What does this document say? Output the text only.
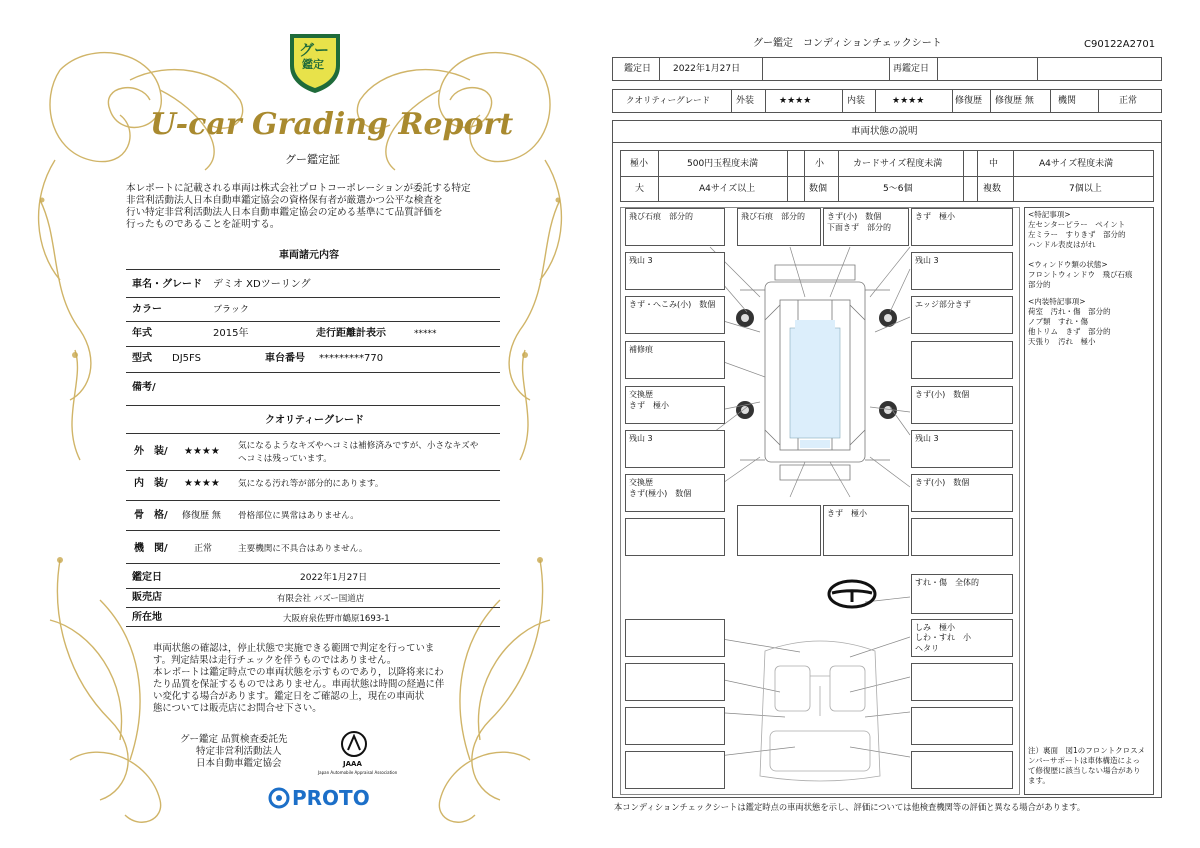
グー
鑑定
U-car Grading Report
グー鑑定証
本レポートに記載される車両は株式会社プロトコーポレーションが委託する特定
非営利活動法人日本自動車鑑定協会の資格保有者が厳選かつ公平な検査を
行い特定非営利活動法人日本自動車鑑定協会の定める基準にて品質評価を
行ったものであることを証明する。
車両諸元内容
車名・グレード デミオ XDツーリング
カラー	ブラック
年式	2015年	走行距離計表示	*****
型式 DJ5FS	車台番号 *********770
備考/
クオリティーグレード
外　装/ ★★★★ 気になるようなキズやヘコミは補修済みですが、小さなキズや
ヘコミは残っています。
内　装/ ★★★★ 気になる汚れ等が部分的にあります。
骨　格/ 修復歴 無 骨格部位に異常はありません。
機　関/	正常	主要機関に不具合はありません。
鑑定日	2022年1月27日
販売店	有限会社 バズー国道店
所在地	大阪府泉佐野市鶴原1693-1
車両状態の確認は，停止状態で実施できる範囲で判定を行っていま
す。判定結果は走行チェックを伴うものではありません。
本レポートは鑑定時点での車両状態を示すものであり，以降将来にわ
たり品質を保証するものではありません。車両状態は時間の経過に伴
い変化する場合があります。鑑定日をご確認の上，現在の車両状
態については販売店にお問合せ下さい。
グー鑑定 品質検査委託先
特定非営利活動法人
日本自動車鑑定協会	JAAA
Japan Automobile Appraisal Association
PROTO
グー鑑定　コンディションチェックシート	C90122A2701
鑑定日 2022年1月27日	再鑑定日
クオリティーグレード	外装	★★★★	内装	★★★★	修復歴 修復歴 無	機関	正常
車両状態の説明
極小	500円玉程度未満	小	カードサイズ程度未満	中	A4サイズ程度未満
大	A4サイズ以上	数個	5～6個	複数	7個以上
飛び石痕　部分的	飛び石痕　部分的	きず(小)　数個
下面きず　部分的
きず　極小
残山 3	残山 3
きず・へこみ(小)　数個	エッジ部分きず
補修痕
交換歴
きず　極小
きず(小)　数個
残山 3	残山 3
交換歴
きず(極小)　数個
きず(小)　数個
きず　極小
すれ・傷　全体的
しみ　極小
しわ・すれ　小
ヘタリ
<特記事項>
左センターピラー　ペイント
左ミラー　すりきず　部分的
ハンドル表皮はがれ
<ウィンドウ類の状態>
フロントウィンドウ　飛び石痕
部分的
<内装特記事項>
荷室　汚れ・傷　部分的
ノブ類　すれ・傷
他トリム　きず　部分的
天張り　汚れ　極小
注）裏面　図1のフロントクロスメ
ンバーサポートは車体構造によっ
て修復歴に該当しない場合があり
ます。
本コンディションチェックシートは鑑定時点の車両状態を示し、評価については他検査機関等の評価と異なる場合があります。
